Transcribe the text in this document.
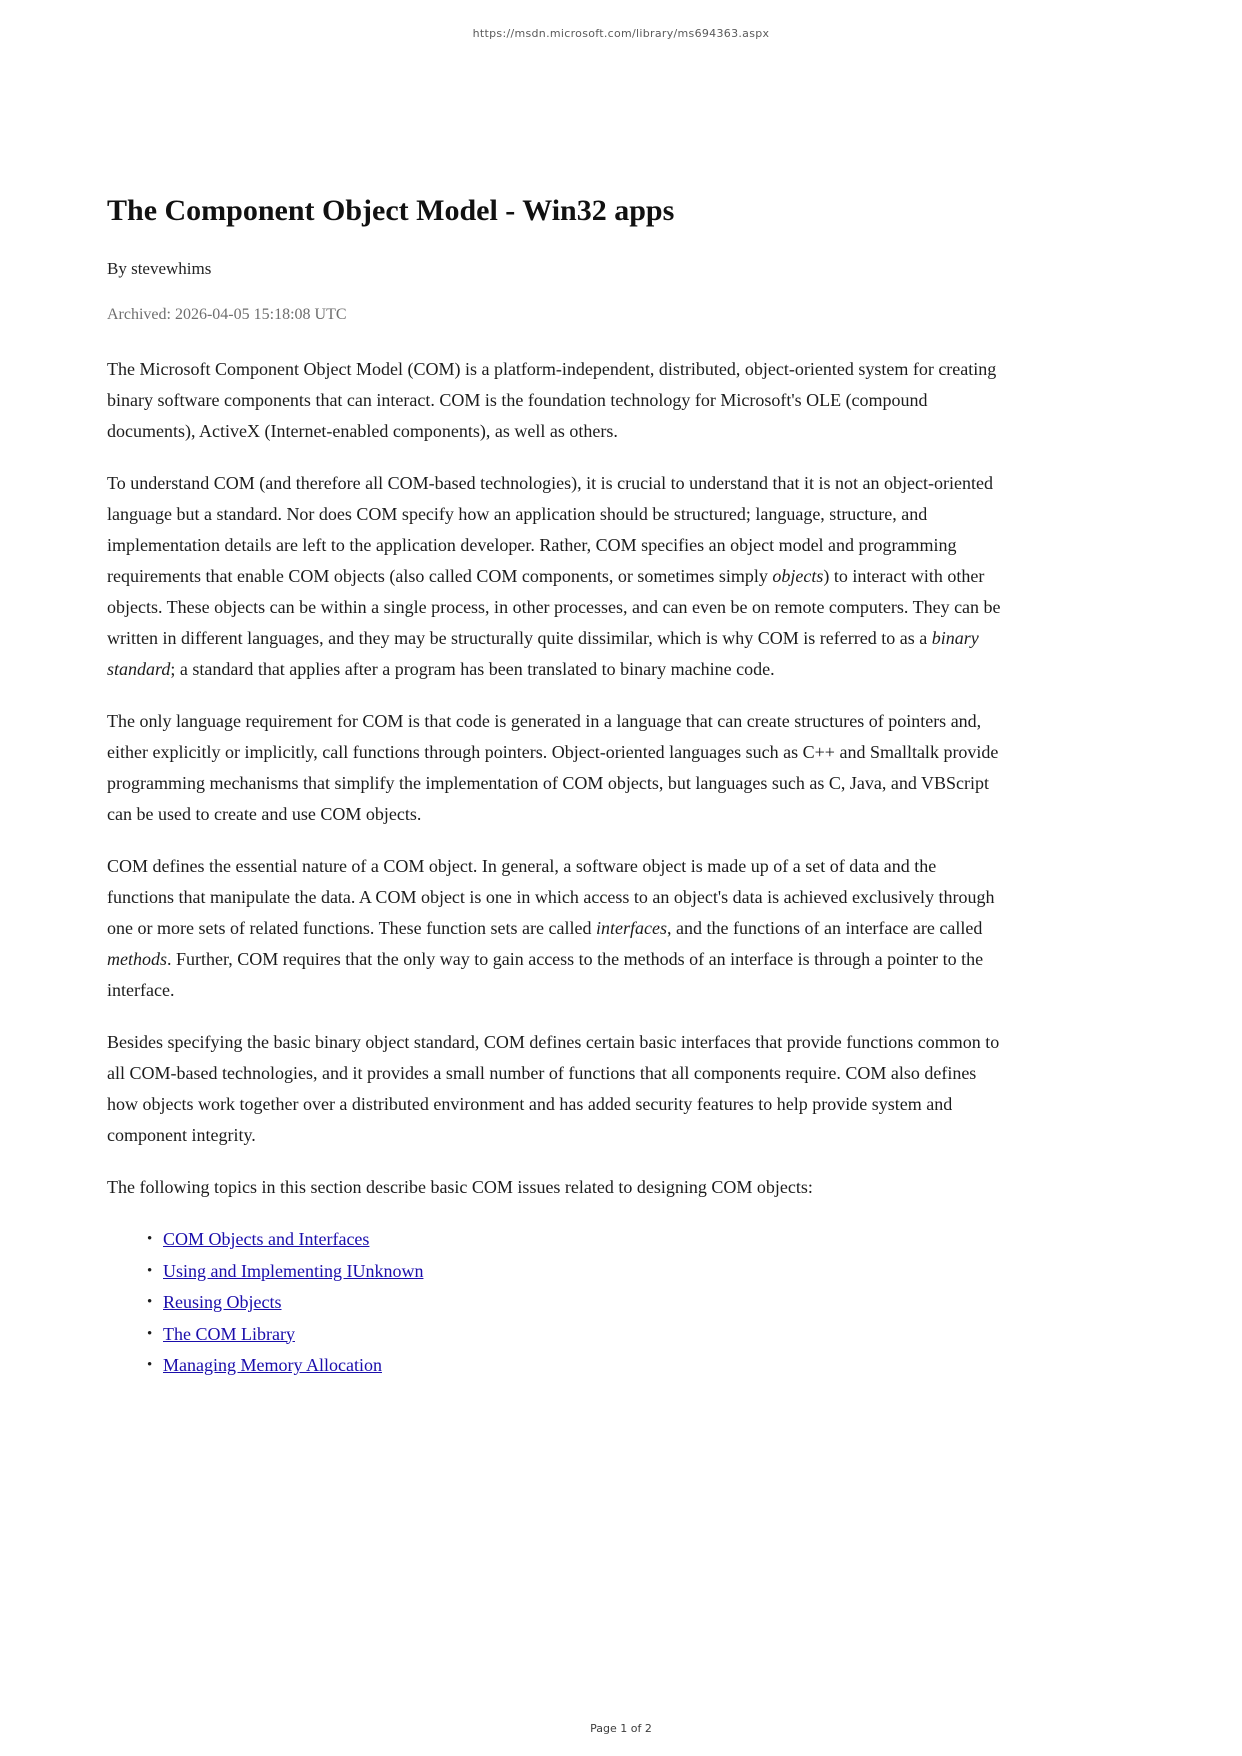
https://msdn.microsoft.com/library/ms694363.aspx
The Component Object Model - Win32 apps

By stevewhims

Archived: 2026-04-05 15:18:08 UTC

The Microsoft Component Object Model (COM) is a platform-independent, distributed, object-oriented system for creating binary software components that can interact. COM is the foundation technology for Microsoft's OLE (compound documents), ActiveX (Internet-enabled components), as well as others.

To understand COM (and therefore all COM-based technologies), it is crucial to understand that it is not an object-oriented language but a standard. Nor does COM specify how an application should be structured; language, structure, and implementation details are left to the application developer. Rather, COM specifies an object model and programming requirements that enable COM objects (also called COM components, or sometimes simply objects) to interact with other objects. These objects can be within a single process, in other processes, and can even be on remote computers. They can be written in different languages, and they may be structurally quite dissimilar, which is why COM is referred to as a binary standard; a standard that applies after a program has been translated to binary machine code.

The only language requirement for COM is that code is generated in a language that can create structures of pointers and, either explicitly or implicitly, call functions through pointers. Object-oriented languages such as C++ and Smalltalk provide programming mechanisms that simplify the implementation of COM objects, but languages such as C, Java, and VBScript can be used to create and use COM objects.

COM defines the essential nature of a COM object. In general, a software object is made up of a set of data and the functions that manipulate the data. A COM object is one in which access to an object's data is achieved exclusively through one or more sets of related functions. These function sets are called interfaces, and the functions of an interface are called methods. Further, COM requires that the only way to gain access to the methods of an interface is through a pointer to the interface.

Besides specifying the basic binary object standard, COM defines certain basic interfaces that provide functions common to all COM-based technologies, and it provides a small number of functions that all components require. COM also defines how objects work together over a distributed environment and has added security features to help provide system and component integrity.

The following topics in this section describe basic COM issues related to designing COM objects:

• COM Objects and Interfaces
• Using and Implementing IUnknown
• Reusing Objects
• The COM Library
• Managing Memory Allocation
Page 1 of 2
